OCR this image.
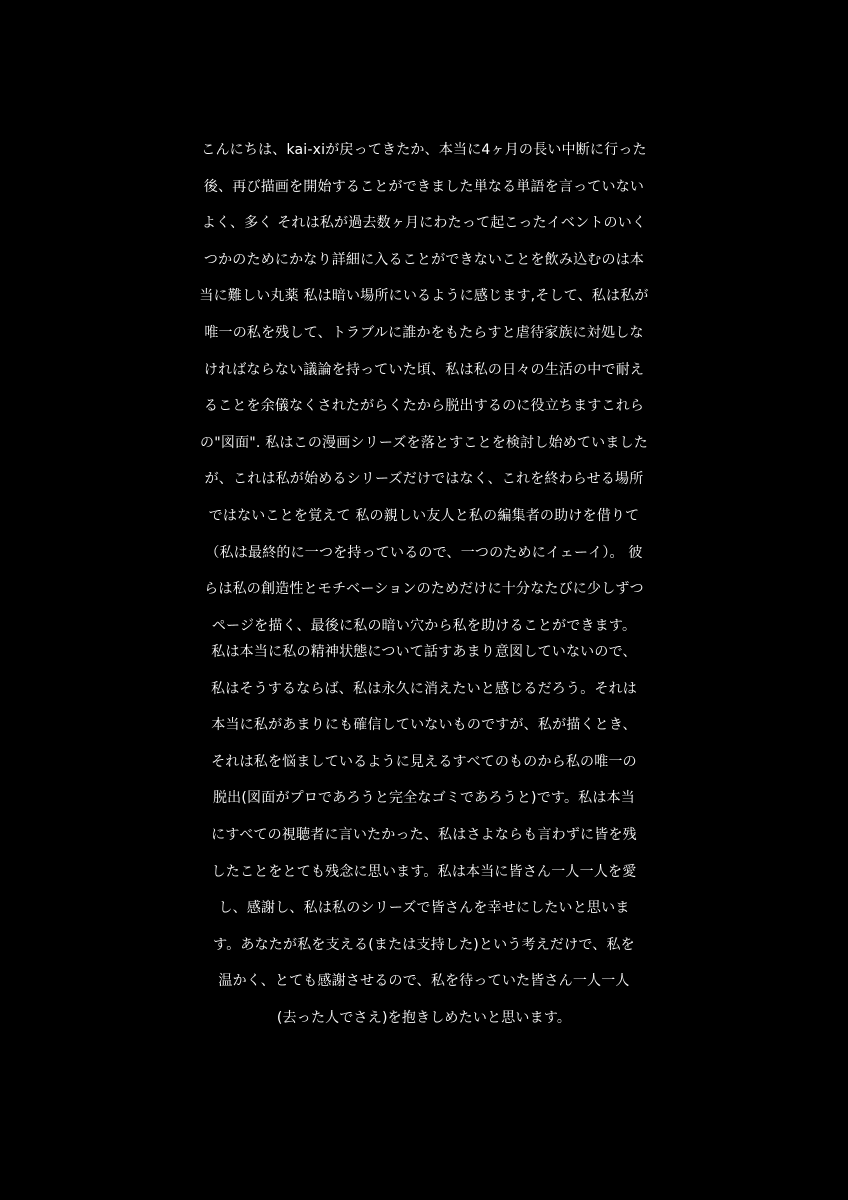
こんにちは、kai-xiが戻ってきたか、本当に4ヶ月の長い中断に行った
後、再び描画を開始することができました単なる単語を言っていない
よく、多く それは私が過去数ヶ月にわたって起こったイベントのいく
つかのためにかなり詳細に入ることができないことを飲み込むのは本
当に難しい丸薬 私は暗い場所にいるように感じます,そして、私は私が
唯一の私を残して、トラブルに誰かをもたらすと虐待家族に対処しな
ければならない議論を持っていた頃、私は私の日々の生活の中で耐え
ることを余儀なくされたがらくたから脱出するのに役立ちますこれら
の"図面". 私はこの漫画シリーズを落とすことを検討し始めていました
が、これは私が始めるシリーズだけではなく、これを終わらせる場所
ではないことを覚えて 私の親しい友人と私の編集者の助けを借りて
（私は最終的に一つを持っているので、一つのためにイェーイ）。 彼
らは私の創造性とモチベーションのためだけに十分なたびに少しずつ
ページを描く、最後に私の暗い穴から私を助けることができます。
私は本当に私の精神状態について話すあまり意図していないので、
私はそうするならば、私は永久に消えたいと感じるだろう。それは
本当に私があまりにも確信していないものですが、私が描くとき、
それは私を悩ましているように見えるすべてのものから私の唯一の
脱出(図面がプロであろうと完全なゴミであろうと)です。私は本当
にすべての視聴者に言いたかった、私はさよならも言わずに皆を残
したことをとても残念に思います。私は本当に皆さん一人一人を愛
し、感謝し、私は私のシリーズで皆さんを幸せにしたいと思いま
す。あなたが私を支える(または支持した)という考えだけで、私を
温かく、とても感謝させるので、私を待っていた皆さん一人一人
(去った人でさえ)を抱きしめたいと思います。
